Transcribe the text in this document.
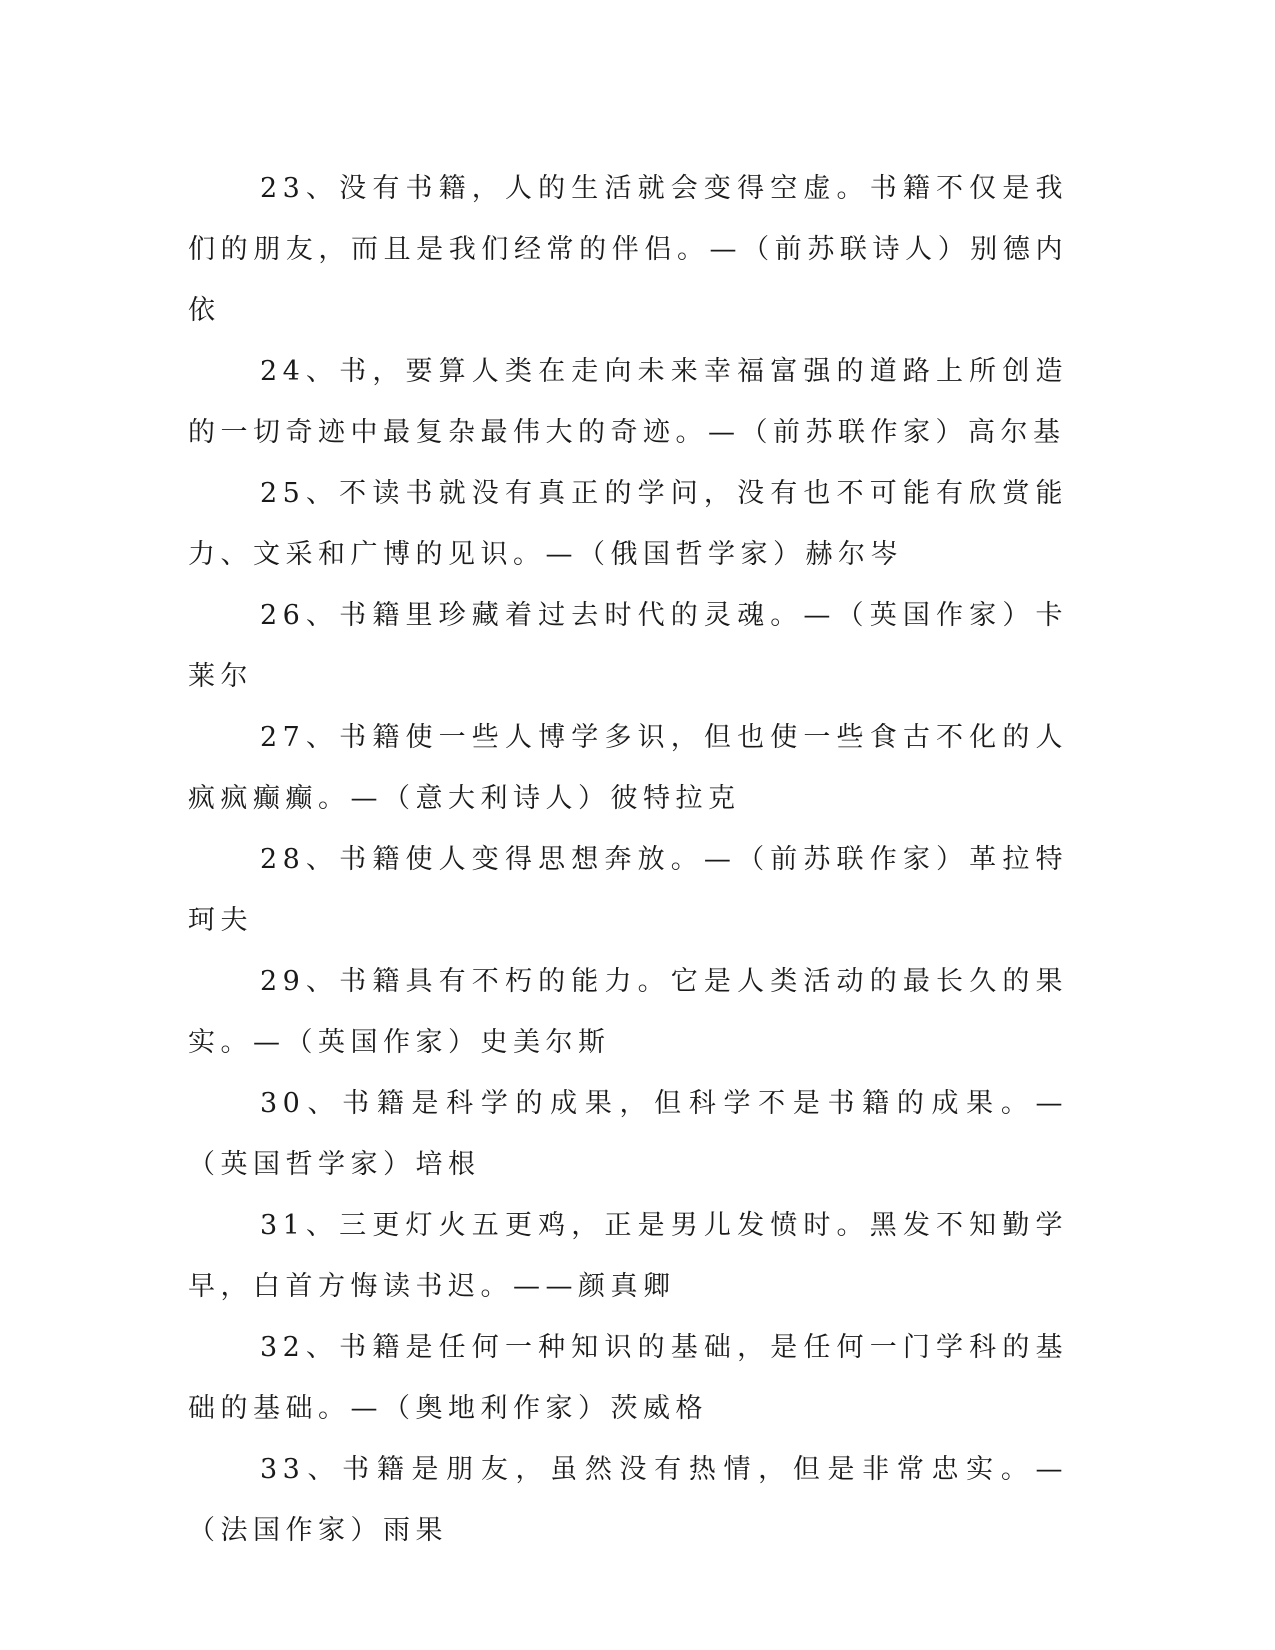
23、没有书籍，人的生活就会变得空虚。书籍不仅是我们的朋友，而且是我们经常的伴侣。—（前苏联诗人）别德内依

24、书，要算人类在走向未来幸福富强的道路上所创造的一切奇迹中最复杂最伟大的奇迹。—（前苏联作家）高尔基

25、不读书就没有真正的学问，没有也不可能有欣赏能力、文采和广博的见识。—（俄国哲学家）赫尔岑

26、书籍里珍藏着过去时代的灵魂。—（英国作家）卡莱尔

27、书籍使一些人博学多识，但也使一些食古不化的人疯疯癫癫。—（意大利诗人）彼特拉克

28、书籍使人变得思想奔放。—（前苏联作家）革拉特珂夫

29、书籍具有不朽的能力。它是人类活动的最长久的果实。—（英国作家）史美尔斯

30、书籍是科学的成果，但科学不是书籍的成果。—（英国哲学家）培根

31、三更灯火五更鸡，正是男儿发愤时。黑发不知勤学早，白首方悔读书迟。——颜真卿

32、书籍是任何一种知识的基础，是任何一门学科的基础的基础。—（奥地利作家）茨威格

33、书籍是朋友，虽然没有热情，但是非常忠实。—（法国作家）雨果
